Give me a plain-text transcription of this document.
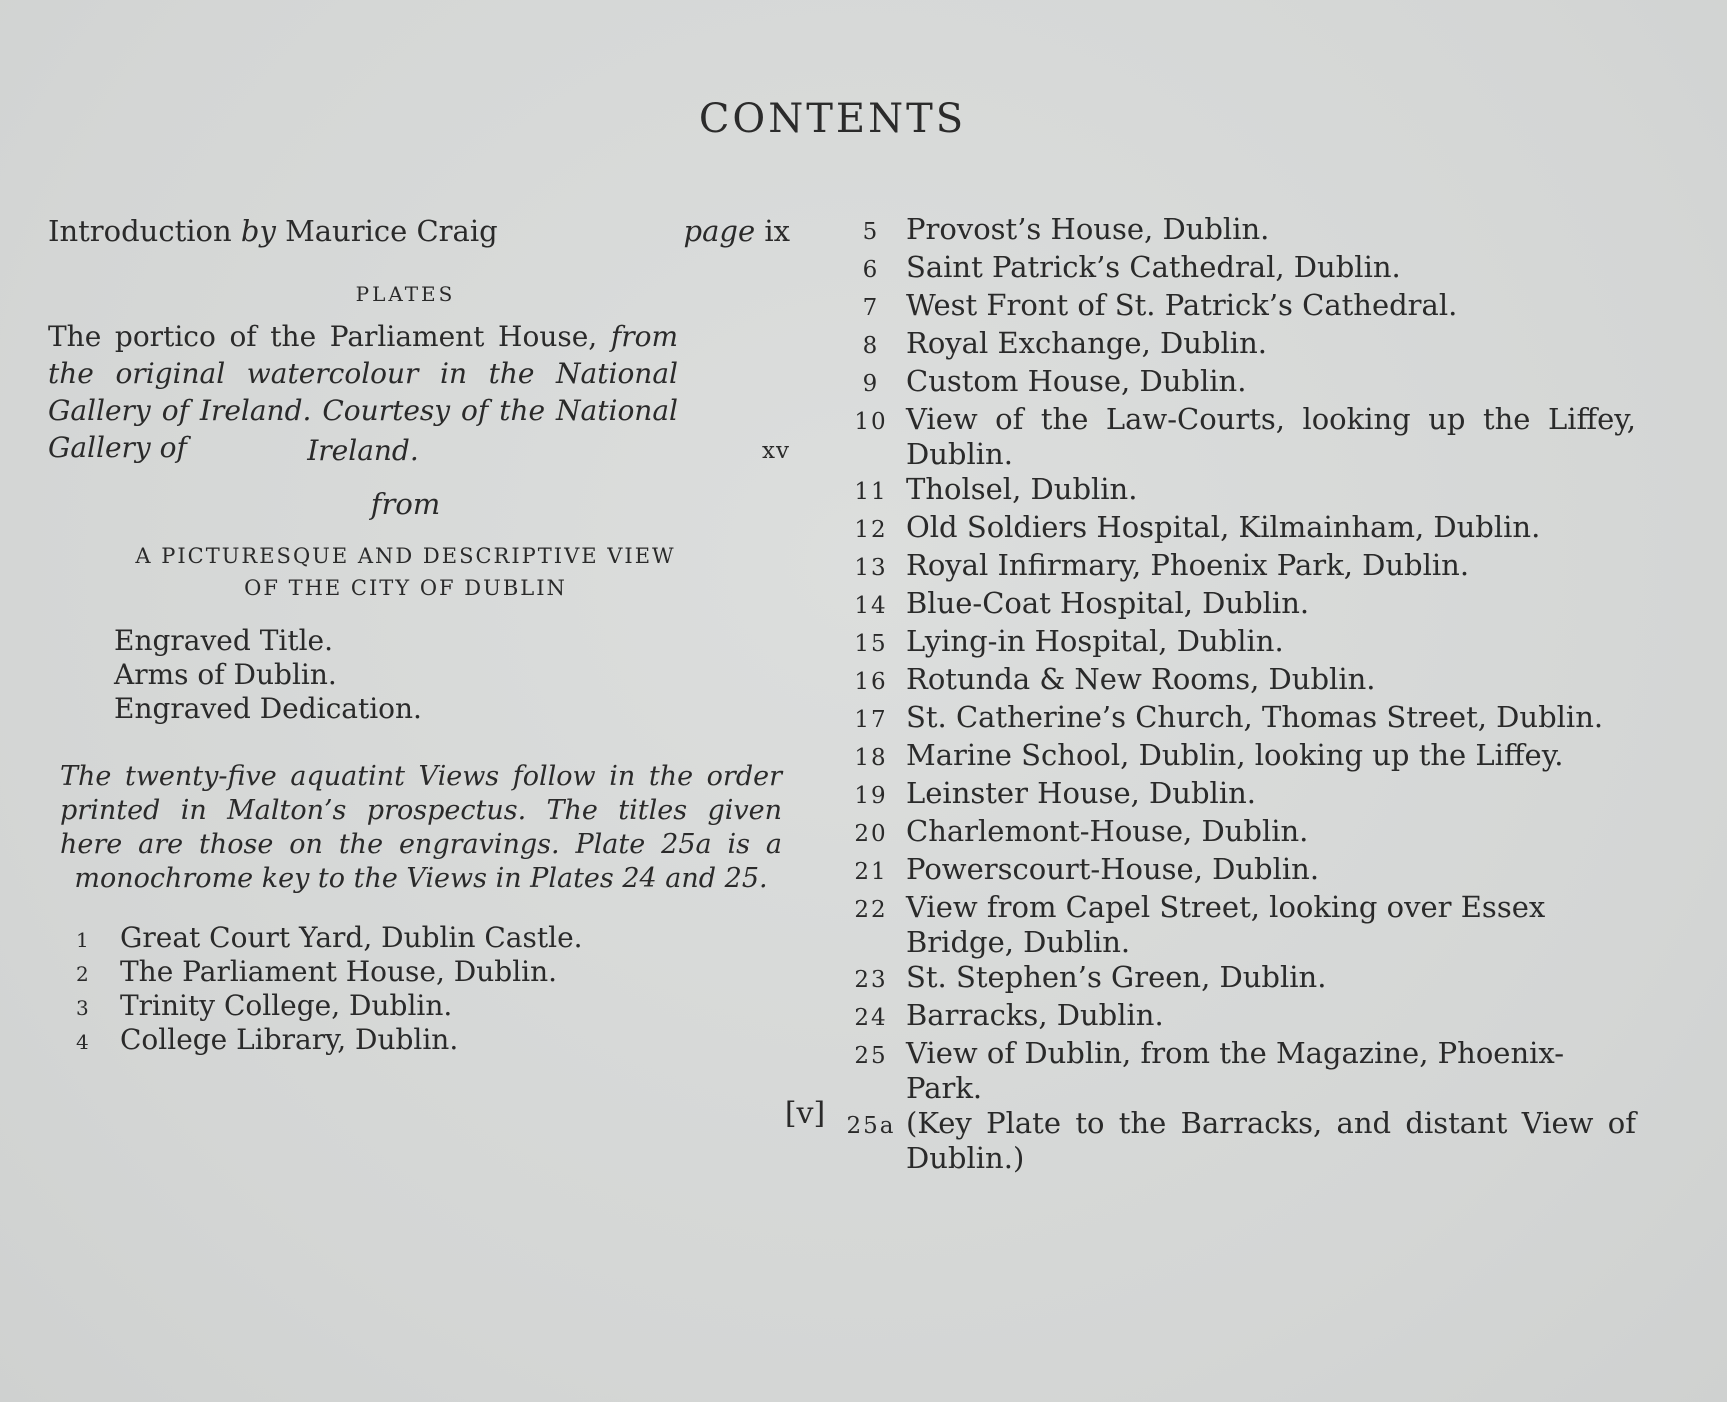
CONTENTS
Introduction by Maurice Craig	page ix
PLATES
The portico of the Parliament House, from the original watercolour in the National Gallery of Ireland. Courtesy of the National Gallery of	Ireland.	xv
from
A PICTURESQUE AND DESCRIPTIVE VIEW
OF THE CITY OF DUBLIN
Engraved Title.
Arms of Dublin.
Engraved Dedication.
The twenty-five aquatint Views follow in the order printed in Malton’s prospectus. The titles given here are those on the engravings. Plate 25a is a monochrome key to the Views in Plates 24 and 25.
1	Great Court Yard, Dublin Castle.
2	The Parliament House, Dublin.
3	Trinity College, Dublin.
4	College Library, Dublin.
5 Provost’s House, Dublin.
6 Saint Patrick’s Cathedral, Dublin.
7 West Front of St. Patrick’s Cathedral.
8 Royal Exchange, Dublin.
9 Custom House, Dublin.
10 View of the Law-Courts, looking up the Liffey, Dublin.
11 Tholsel, Dublin.
12 Old Soldiers Hospital, Kilmainham, Dublin.
13 Royal Infirmary, Phoenix Park, Dublin.
14 Blue-Coat Hospital, Dublin.
15 Lying-in Hospital, Dublin.
16 Rotunda & New Rooms, Dublin.
17 St. Catherine’s Church, Thomas Street, Dublin.
18 Marine School, Dublin, looking up the Liffey.
19 Leinster House, Dublin.
20 Charlemont-House, Dublin.
21 Powerscourt-House, Dublin.
22 View from Capel Street, looking over Essex Bridge, Dublin.
23 St. Stephen’s Green, Dublin.
24 Barracks, Dublin.
25 View of Dublin, from the Magazine, Phoenix-Park.
25a (Key Plate to the Barracks, and distant View of Dublin.)
[v]
